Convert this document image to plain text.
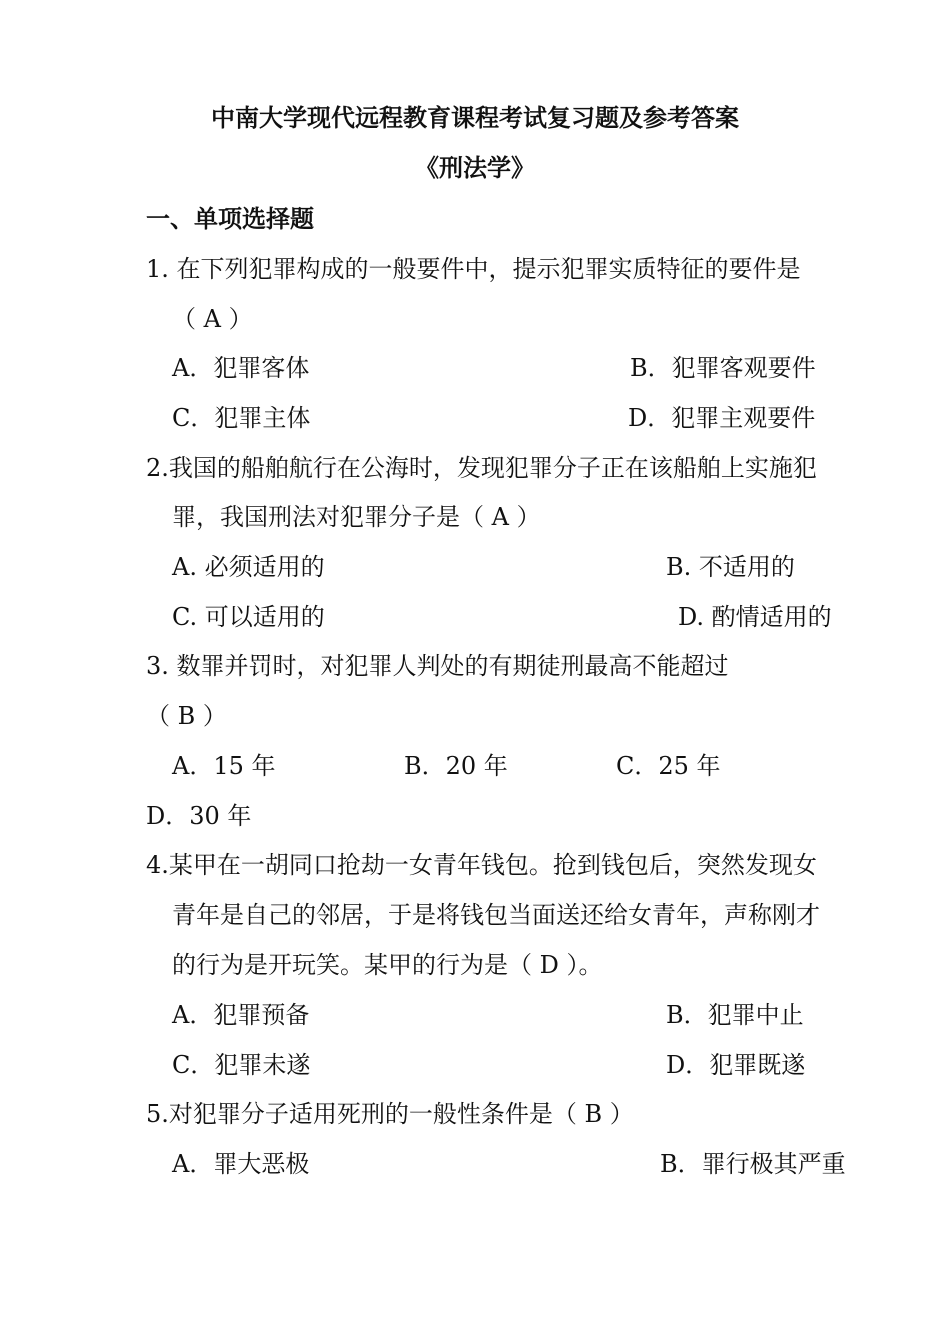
中南大学现代远程教育课程考试复习题及参考答案
《刑法学》
一、单项选择题
1. 在下列犯罪构成的一般要件中，提示犯罪实质特征的要件是
（ A ）
A．犯罪客体	B．犯罪客观要件
C．犯罪主体	D．犯罪主观要件
2.我国的船舶航行在公海时，发现犯罪分子正在该船舶上实施犯
罪，我国刑法对犯罪分子是（ A ）
A. 必须适用的	B. 不适用的
C. 可以适用的	D. 酌情适用的
3. 数罪并罚时，对犯罪人判处的有期徒刑最高不能超过
（ B ）
A．15 年	B．20 年	C．25 年
D．30 年
4.某甲在一胡同口抢劫一女青年钱包。抢到钱包后，突然发现女
青年是自己的邻居，于是将钱包当面送还给女青年，声称刚才
的行为是开玩笑。某甲的行为是（ D ）。
A．犯罪预备	B．犯罪中止
C．犯罪未遂	D．犯罪既遂
5.对犯罪分子适用死刑的一般性条件是（ B ）
A．罪大恶极	B．罪行极其严重
